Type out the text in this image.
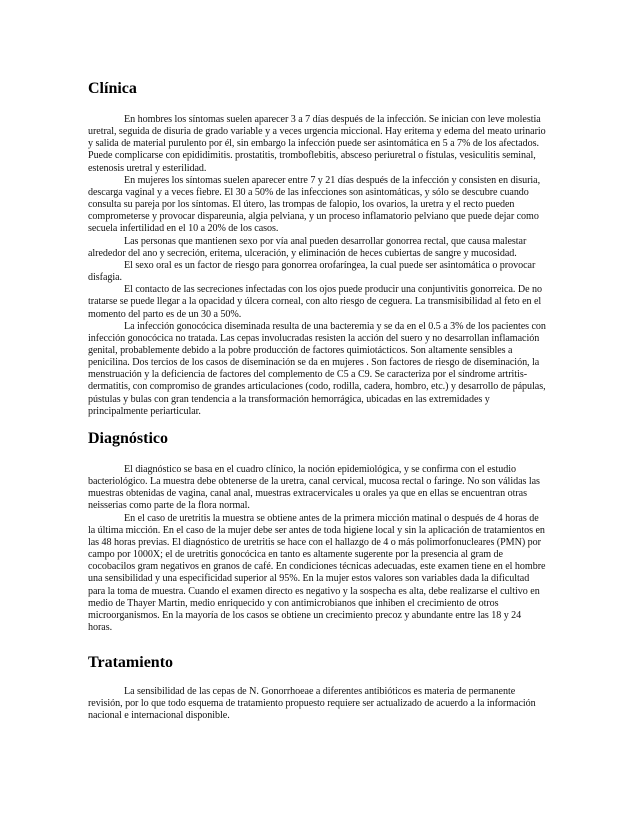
Clínica

En hombres los síntomas suelen aparecer 3 a 7 días después de la infección. Se inician con leve molestia uretral, seguida de disuria de grado variable y a veces urgencia miccional. Hay eritema y edema del meato urinario y salida de material purulento por él, sin embargo la infección puede ser asintomática en 5 a 7% de los afectados. Puede complicarse con epididimitis. prostatitis, tromboflebitis, absceso periuretral o fístulas, vesiculitis seminal, estenosis uretral y esterilidad.

En mujeres los síntomas suelen aparecer entre 7 y 21 días después de la infección y consisten en disuria, descarga vaginal y a veces fiebre. El 30 a 50% de las infecciones son asintomáticas, y sólo se descubre cuando consulta su pareja por los síntomas. El útero, las trompas de falopio, los ovarios, la uretra y el recto pueden comprometerse y provocar dispareunia, algia pelviana, y un proceso inflamatorio pelviano que puede dejar como secuela infertilidad en el 10 a 20% de los casos.

Las personas que mantienen sexo por vía anal pueden desarrollar gonorrea rectal, que causa malestar alrededor del ano y secreción, eritema, ulceración, y eliminación de heces cubiertas de sangre y mucosidad.

El sexo oral es un factor de riesgo para gonorrea orofaríngea, la cual puede ser asintomática o provocar disfagia.

El contacto de las secreciones infectadas con los ojos puede producir una conjuntivitis gonorreica. De no tratarse se puede llegar a la opacidad y úlcera corneal, con alto riesgo de ceguera. La transmisibilidad al feto en el momento del parto es de un 30 a 50%.

La infección gonocócica diseminada resulta de una bacteremia y se da en el 0.5 a 3% de los pacientes con infección gonocócica no tratada. Las cepas involucradas resisten la acción del suero y no desarrollan inflamación genital, probablemente debido a la pobre producción de factores quimiotácticos. Son altamente sensibles a penicilina. Dos tercios de los casos de diseminación se da en mujeres . Son factores de riesgo de diseminación, la menstruación y la deficiencia de factores del complemento de C5 a C9. Se caracteriza por el síndrome artritis- dermatitis, con compromiso de grandes articulaciones (codo, rodilla, cadera, hombro, etc.) y desarrollo de pápulas, pústulas y bulas con gran tendencia a la transformación hemorrágica, ubicadas en las extremidades y principalmente periarticular.

Diagnóstico

El diagnóstico se basa en el cuadro clínico, la noción epidemiológica, y se confirma con el estudio bacteriológico. La muestra debe obtenerse de la uretra, canal cervical, mucosa rectal o faringe. No son válidas las muestras obtenidas de vagina, canal anal, muestras extracervicales u orales ya que en ellas se encuentran otras neisserias como parte de la flora normal.

En el caso de uretritis la muestra se obtiene antes de la primera micción matinal o después de 4 horas de la última micción. En el caso de la mujer debe ser antes de toda higiene local y sin la aplicación de tratamientos en las 48 horas previas. El diagnóstico de uretritis se hace con el hallazgo de 4 o más polimorfonucleares (PMN) por campo por 1000X; el de uretritis gonocócica en tanto es altamente sugerente por la presencia al gram de cocobacilos gram negativos en granos de café. En condiciones técnicas adecuadas, este examen tiene en el hombre una sensibilidad y una especificidad superior al 95%. En la mujer estos valores son variables dada la dificultad para la toma de muestra. Cuando el examen directo es negativo y la sospecha es alta, debe realizarse el cultivo en medio de Thayer Martin, medio enriquecido y con antimicrobianos que inhiben el crecimiento de otros microorganismos. En la mayoría de los casos se obtiene un crecimiento precoz y abundante entre las 18 y 24 horas.

Tratamiento

La sensibilidad de las cepas de N. Gonorrhoeae a diferentes antibióticos es materia de permanente revisión, por lo que todo esquema de tratamiento propuesto requiere ser actualizado de acuerdo a la información nacional e internacional disponible.
